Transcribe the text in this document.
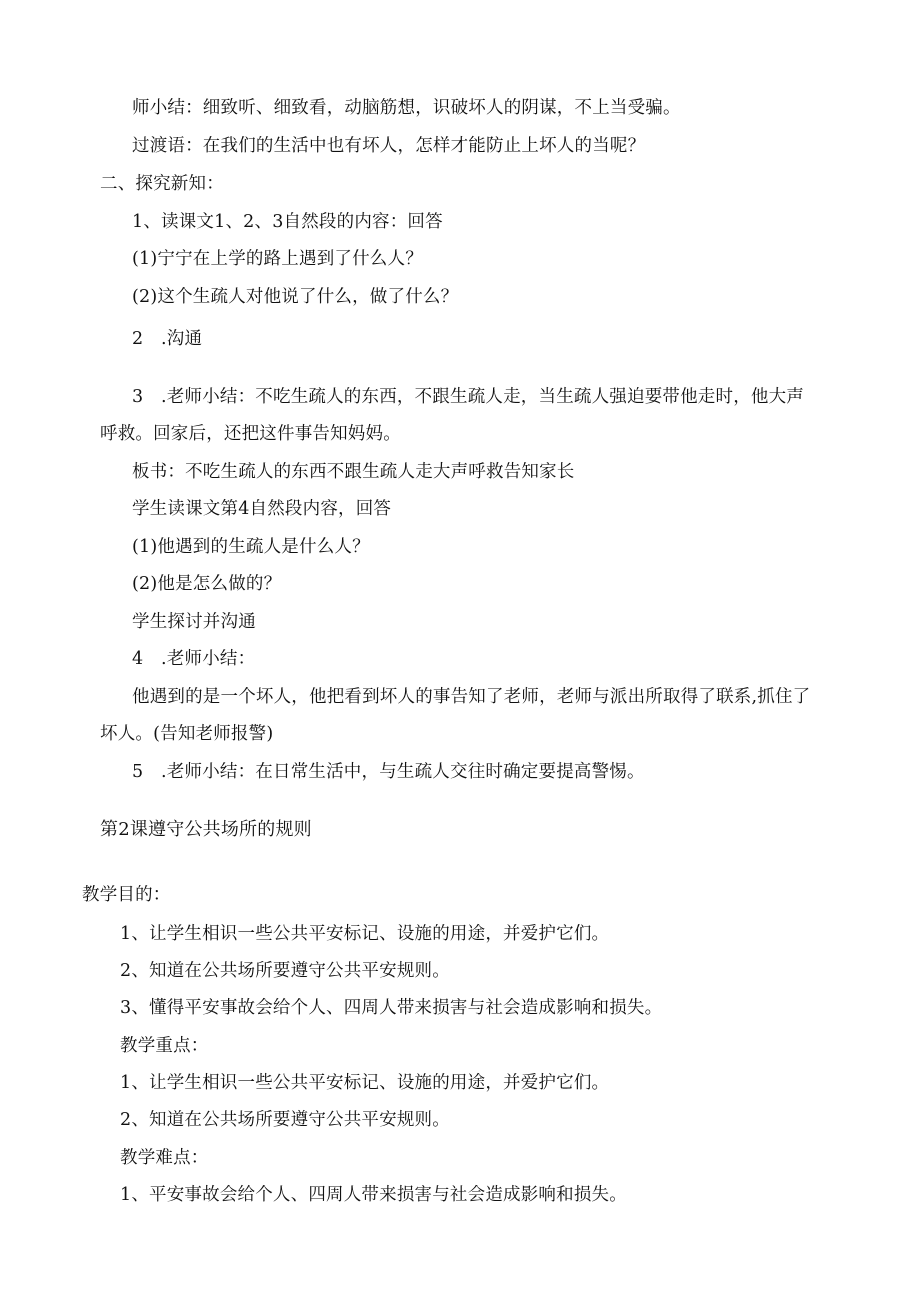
师小结：细致听、细致看，动脑筋想，识破坏人的阴谋，不上当受骗。
过渡语：在我们的生活中也有坏人，怎样才能防止上坏人的当呢？
二、探究新知：
1、读课文1、2、3自然段的内容：回答
(1)宁宁在上学的路上遇到了什么人？
(2)这个生疏人对他说了什么，做了什么？
2　.沟通
3　.老师小结：不吃生疏人的东西，不跟生疏人走，当生疏人强迫要带他走时，他大声
呼救。回家后，还把这件事告知妈妈。
板书：不吃生疏人的东西不跟生疏人走大声呼救告知家长
学生读课文第4自然段内容，回答
(1)他遇到的生疏人是什么人？
(2)他是怎么做的？
学生探讨并沟通
4　.老师小结：
他遇到的是一个坏人，他把看到坏人的事告知了老师，老师与派出所取得了联系,抓住了
坏人。(告知老师报警)
5　.老师小结：在日常生活中，与生疏人交往时确定要提高警惕。
第2课遵守公共场所的规则
教学目的：
1、让学生相识一些公共平安标记、设施的用途，并爱护它们。
2、知道在公共场所要遵守公共平安规则。
3、懂得平安事故会给个人、四周人带来损害与社会造成影响和损失。
教学重点：
1、让学生相识一些公共平安标记、设施的用途，并爱护它们。
2、知道在公共场所要遵守公共平安规则。
教学难点：
1、平安事故会给个人、四周人带来损害与社会造成影响和损失。
